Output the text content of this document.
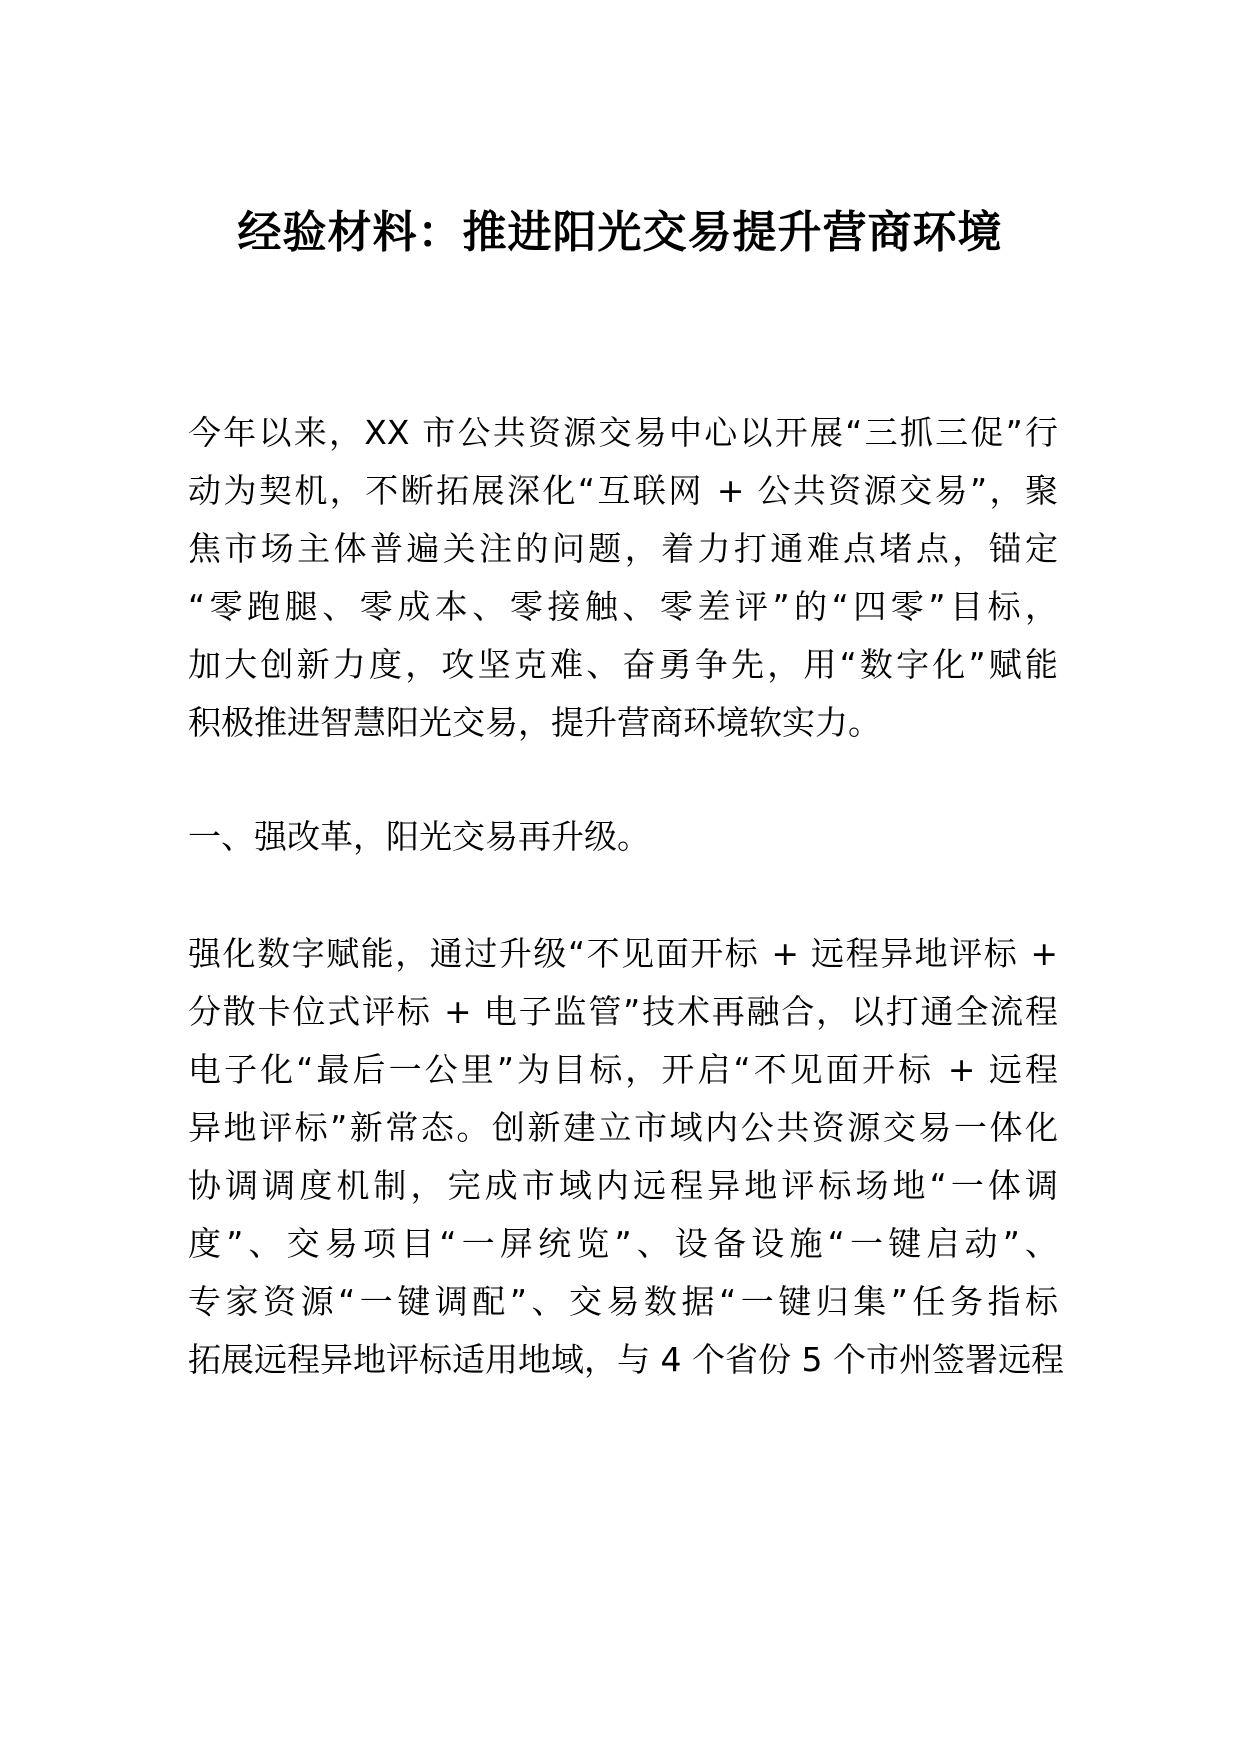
经验材料：推进阳光交易提升营商环境
今年以来，XX 市公共资源交易中心以开展“三抓三促”行
动为契机，不断拓展深化“互联网 + 公共资源交易”，聚
焦市场主体普遍关注的问题，着力打通难点堵点，锚定
“零跑腿、零成本、零接触、零差评”的“四零”目标，
加大创新力度，攻坚克难、奋勇争先，用“数字化”赋能
积极推进智慧阳光交易，提升营商环境软实力。
一、强改革，阳光交易再升级。
强化数字赋能，通过升级“不见面开标 + 远程异地评标 +
分散卡位式评标 + 电子监管”技术再融合，以打通全流程
电子化“最后一公里”为目标，开启“不见面开标 + 远程
异地评标”新常态。创新建立市域内公共资源交易一体化
协调调度机制，完成市域内远程异地评标场地“一体调
度”、交易项目“一屏统览”、设备设施“一键启动”、
专家资源“一键调配”、交易数据“一键归集”任务指标
拓展远程异地评标适用地域，与 4 个省份 5 个市州签署远程
